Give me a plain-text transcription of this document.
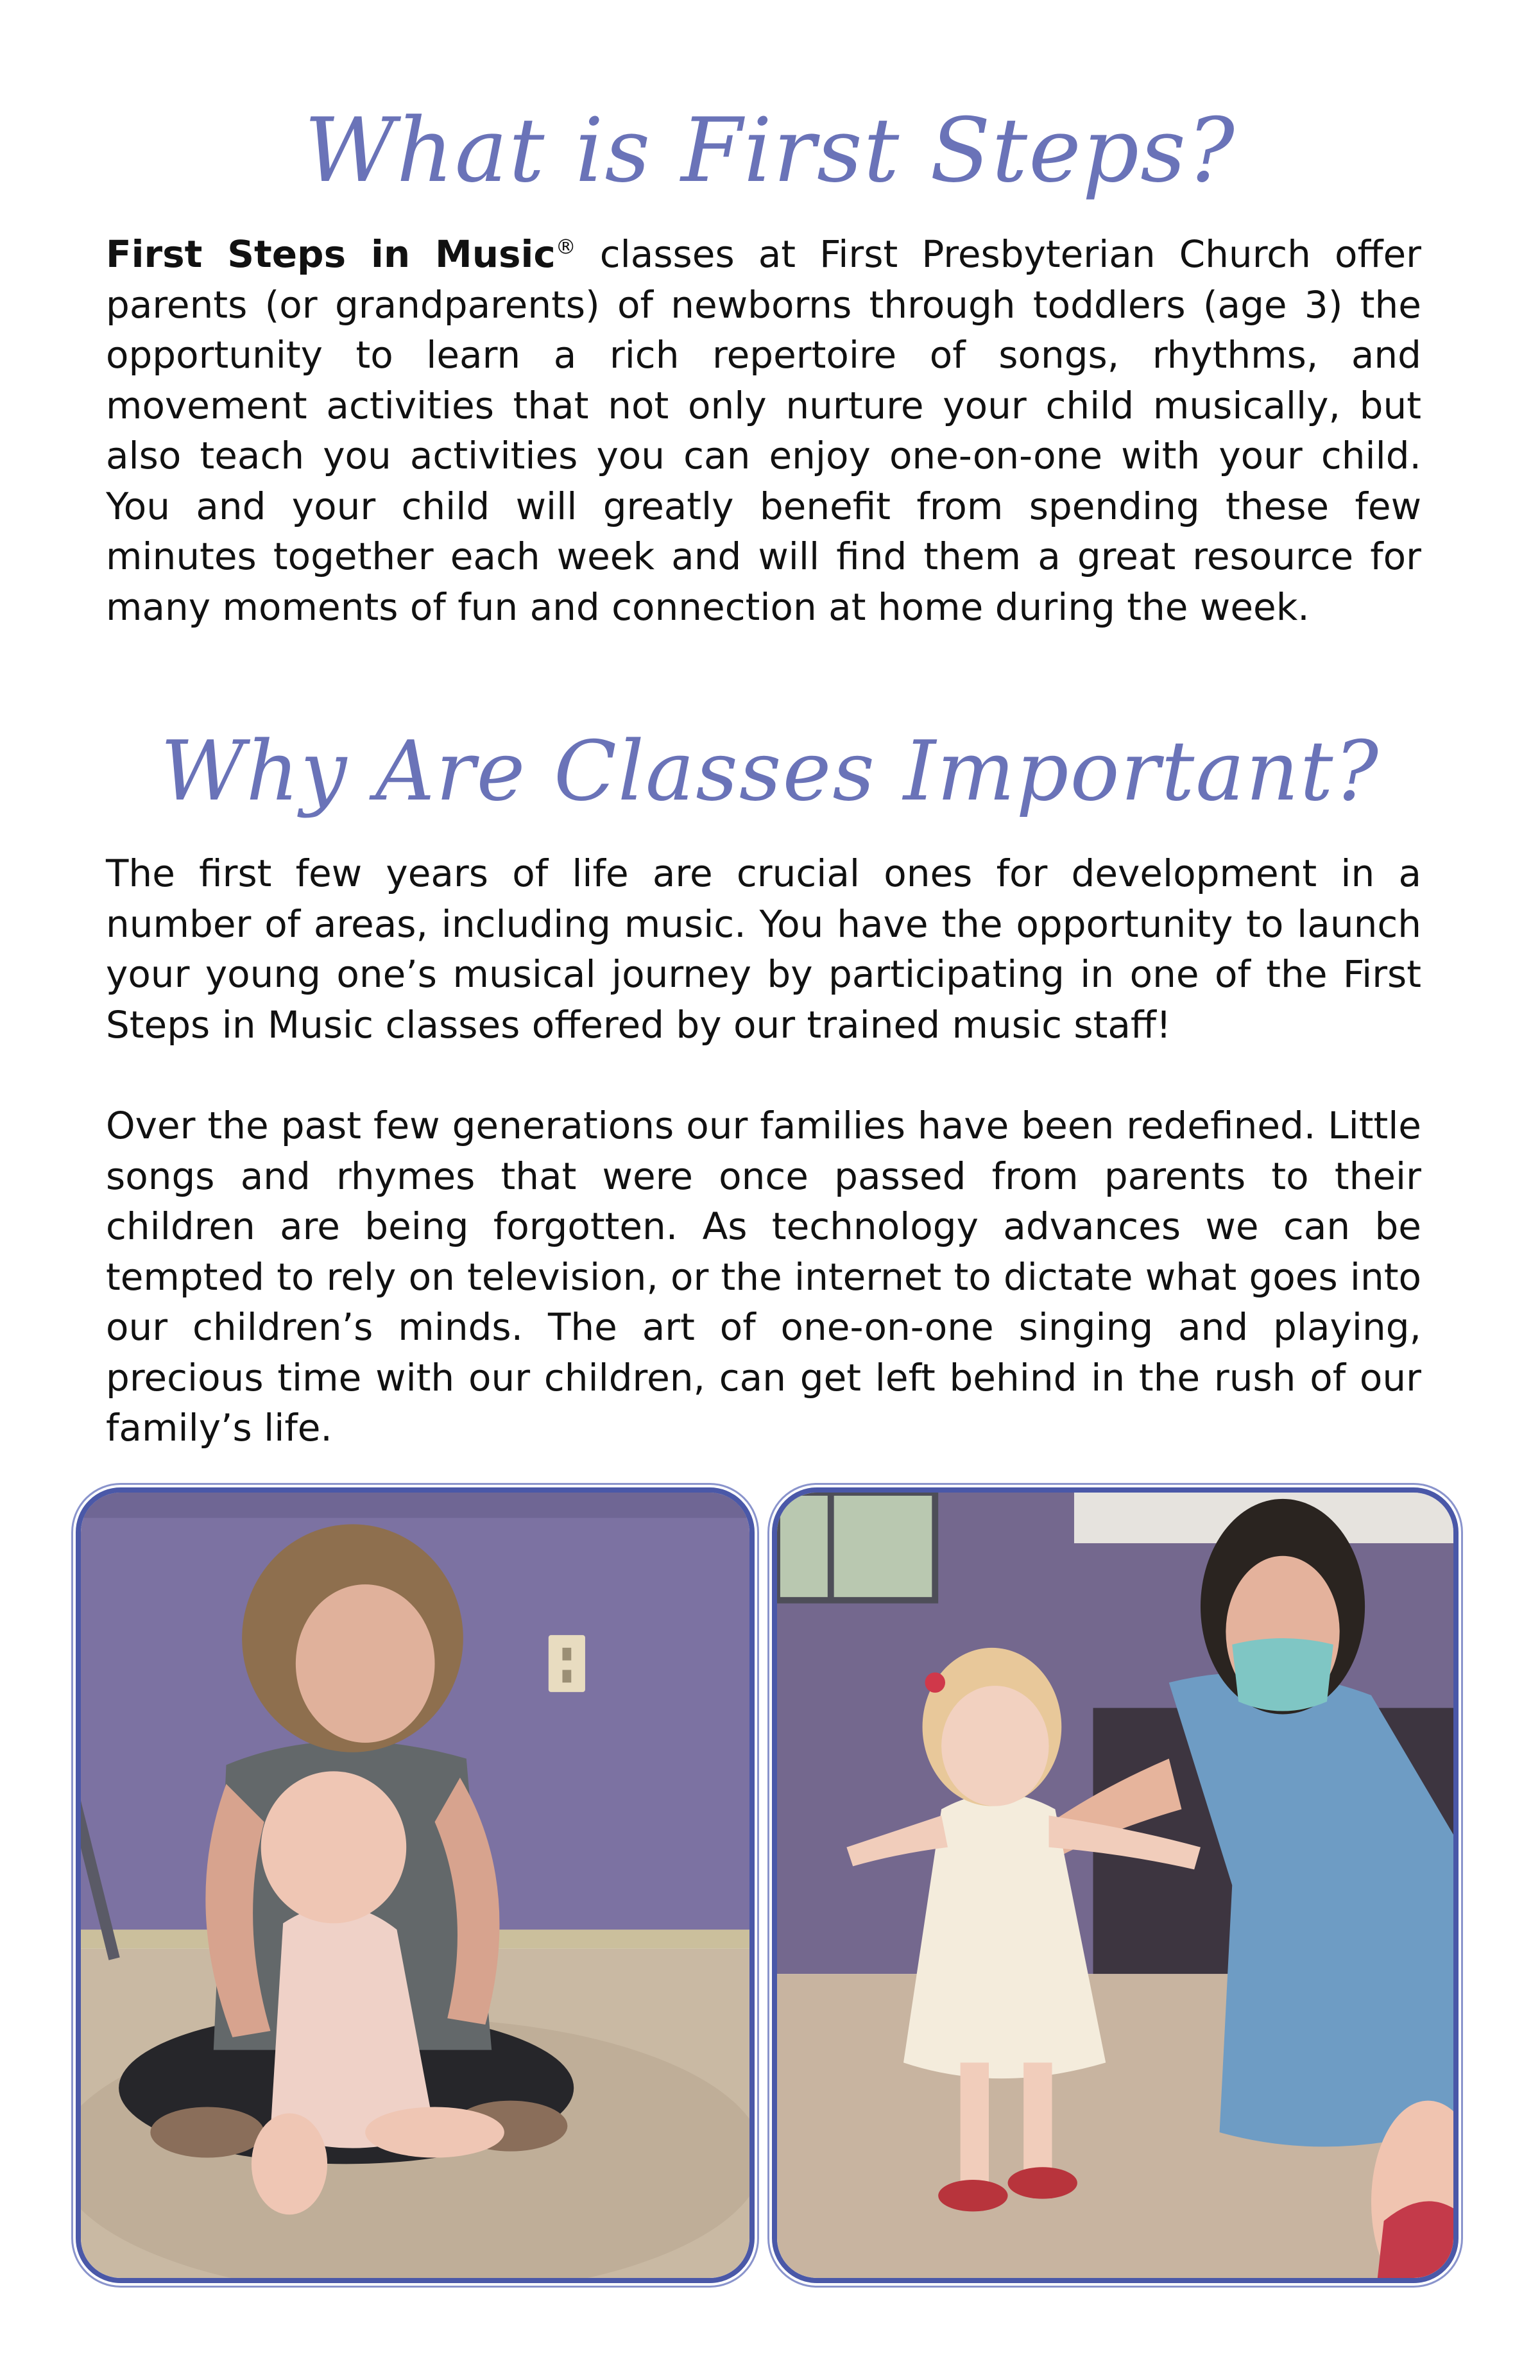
What is First Steps?

First Steps in Music® classes at First Presbyterian Church offer parents (or grandparents) of newborns through toddlers (age 3) the opportunity to learn a rich repertoire of songs, rhythms, and movement activities that not only nurture your child musically, but also teach you activities you can enjoy one-on-one with your child. You and your child will greatly benefit from spending these few minutes together each week and will find them a great resource for many moments of fun and connection at home during the week.

Why Are Classes Important?

The first few years of life are crucial ones for development in a number of areas, including music. You have the opportunity to launch your young one’s musical journey by participating in one of the First Steps in Music classes offered by our trained music staff!

Over the past few generations our families have been redefined. Little songs and rhymes that were once passed from parents to their children are being forgotten. As technology advances we can be tempted to rely on television, or the internet to dictate what goes into our children’s minds. The art of one-on-one singing and playing, precious time with our children, can get left behind in the rush of our family’s life.
